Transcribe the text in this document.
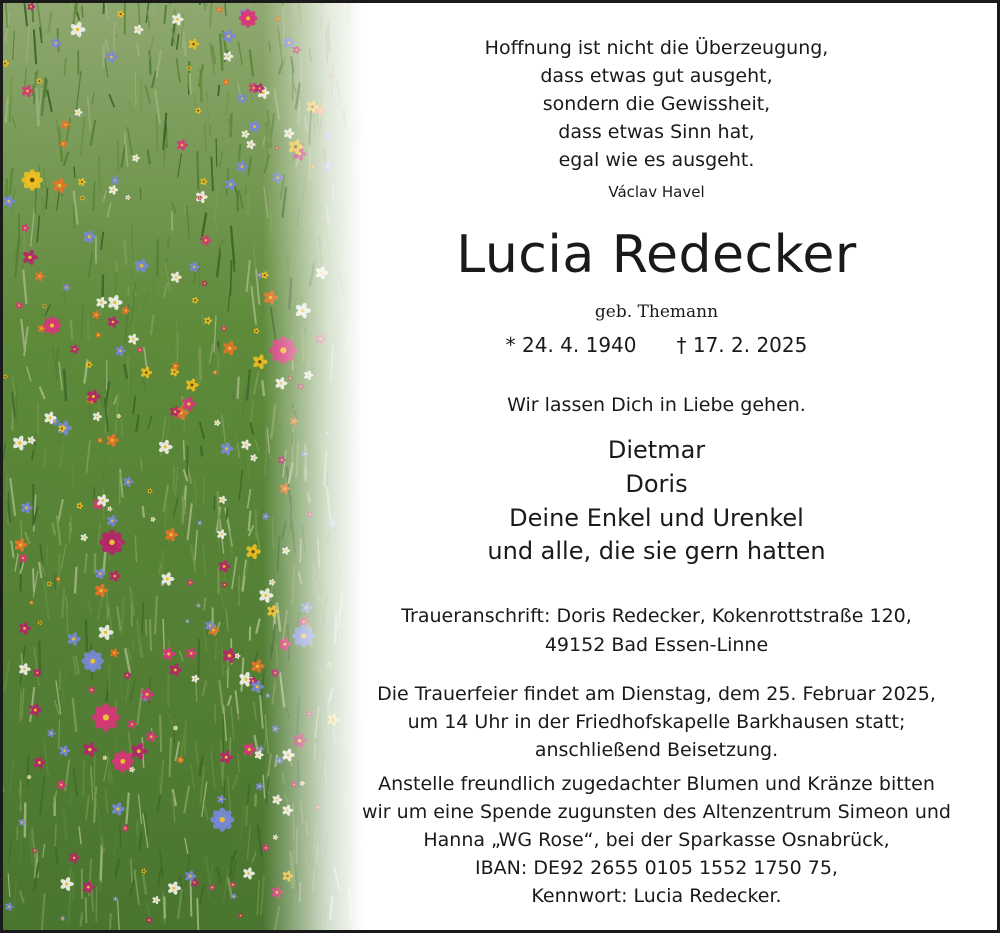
Hoffnung ist nicht die Überzeugung,
dass etwas gut ausgeht,
sondern die Gewissheit,
dass etwas Sinn hat,
egal wie es ausgeht.
Václav Havel
Lucia Redecker
geb. Themann
* 24. 4. 1940 † 17. 2. 2025
Wir lassen Dich in Liebe gehen.
Dietmar
Doris
Deine Enkel und Urenkel
und alle, die sie gern hatten
Traueranschrift: Doris Redecker, Kokenrottstraße 120,
49152 Bad Essen-Linne
Die Trauerfeier findet am Dienstag, dem 25. Februar 2025,
um 14 Uhr in der Friedhofskapelle Barkhausen statt;
anschließend Beisetzung.
Anstelle freundlich zugedachter Blumen und Kränze bitten
wir um eine Spende zugunsten des Altenzentrum Simeon und
Hanna „WG Rose“, bei der Sparkasse Osnabrück,
IBAN: DE92 2655 0105 1552 1750 75,
Kennwort: Lucia Redecker.
